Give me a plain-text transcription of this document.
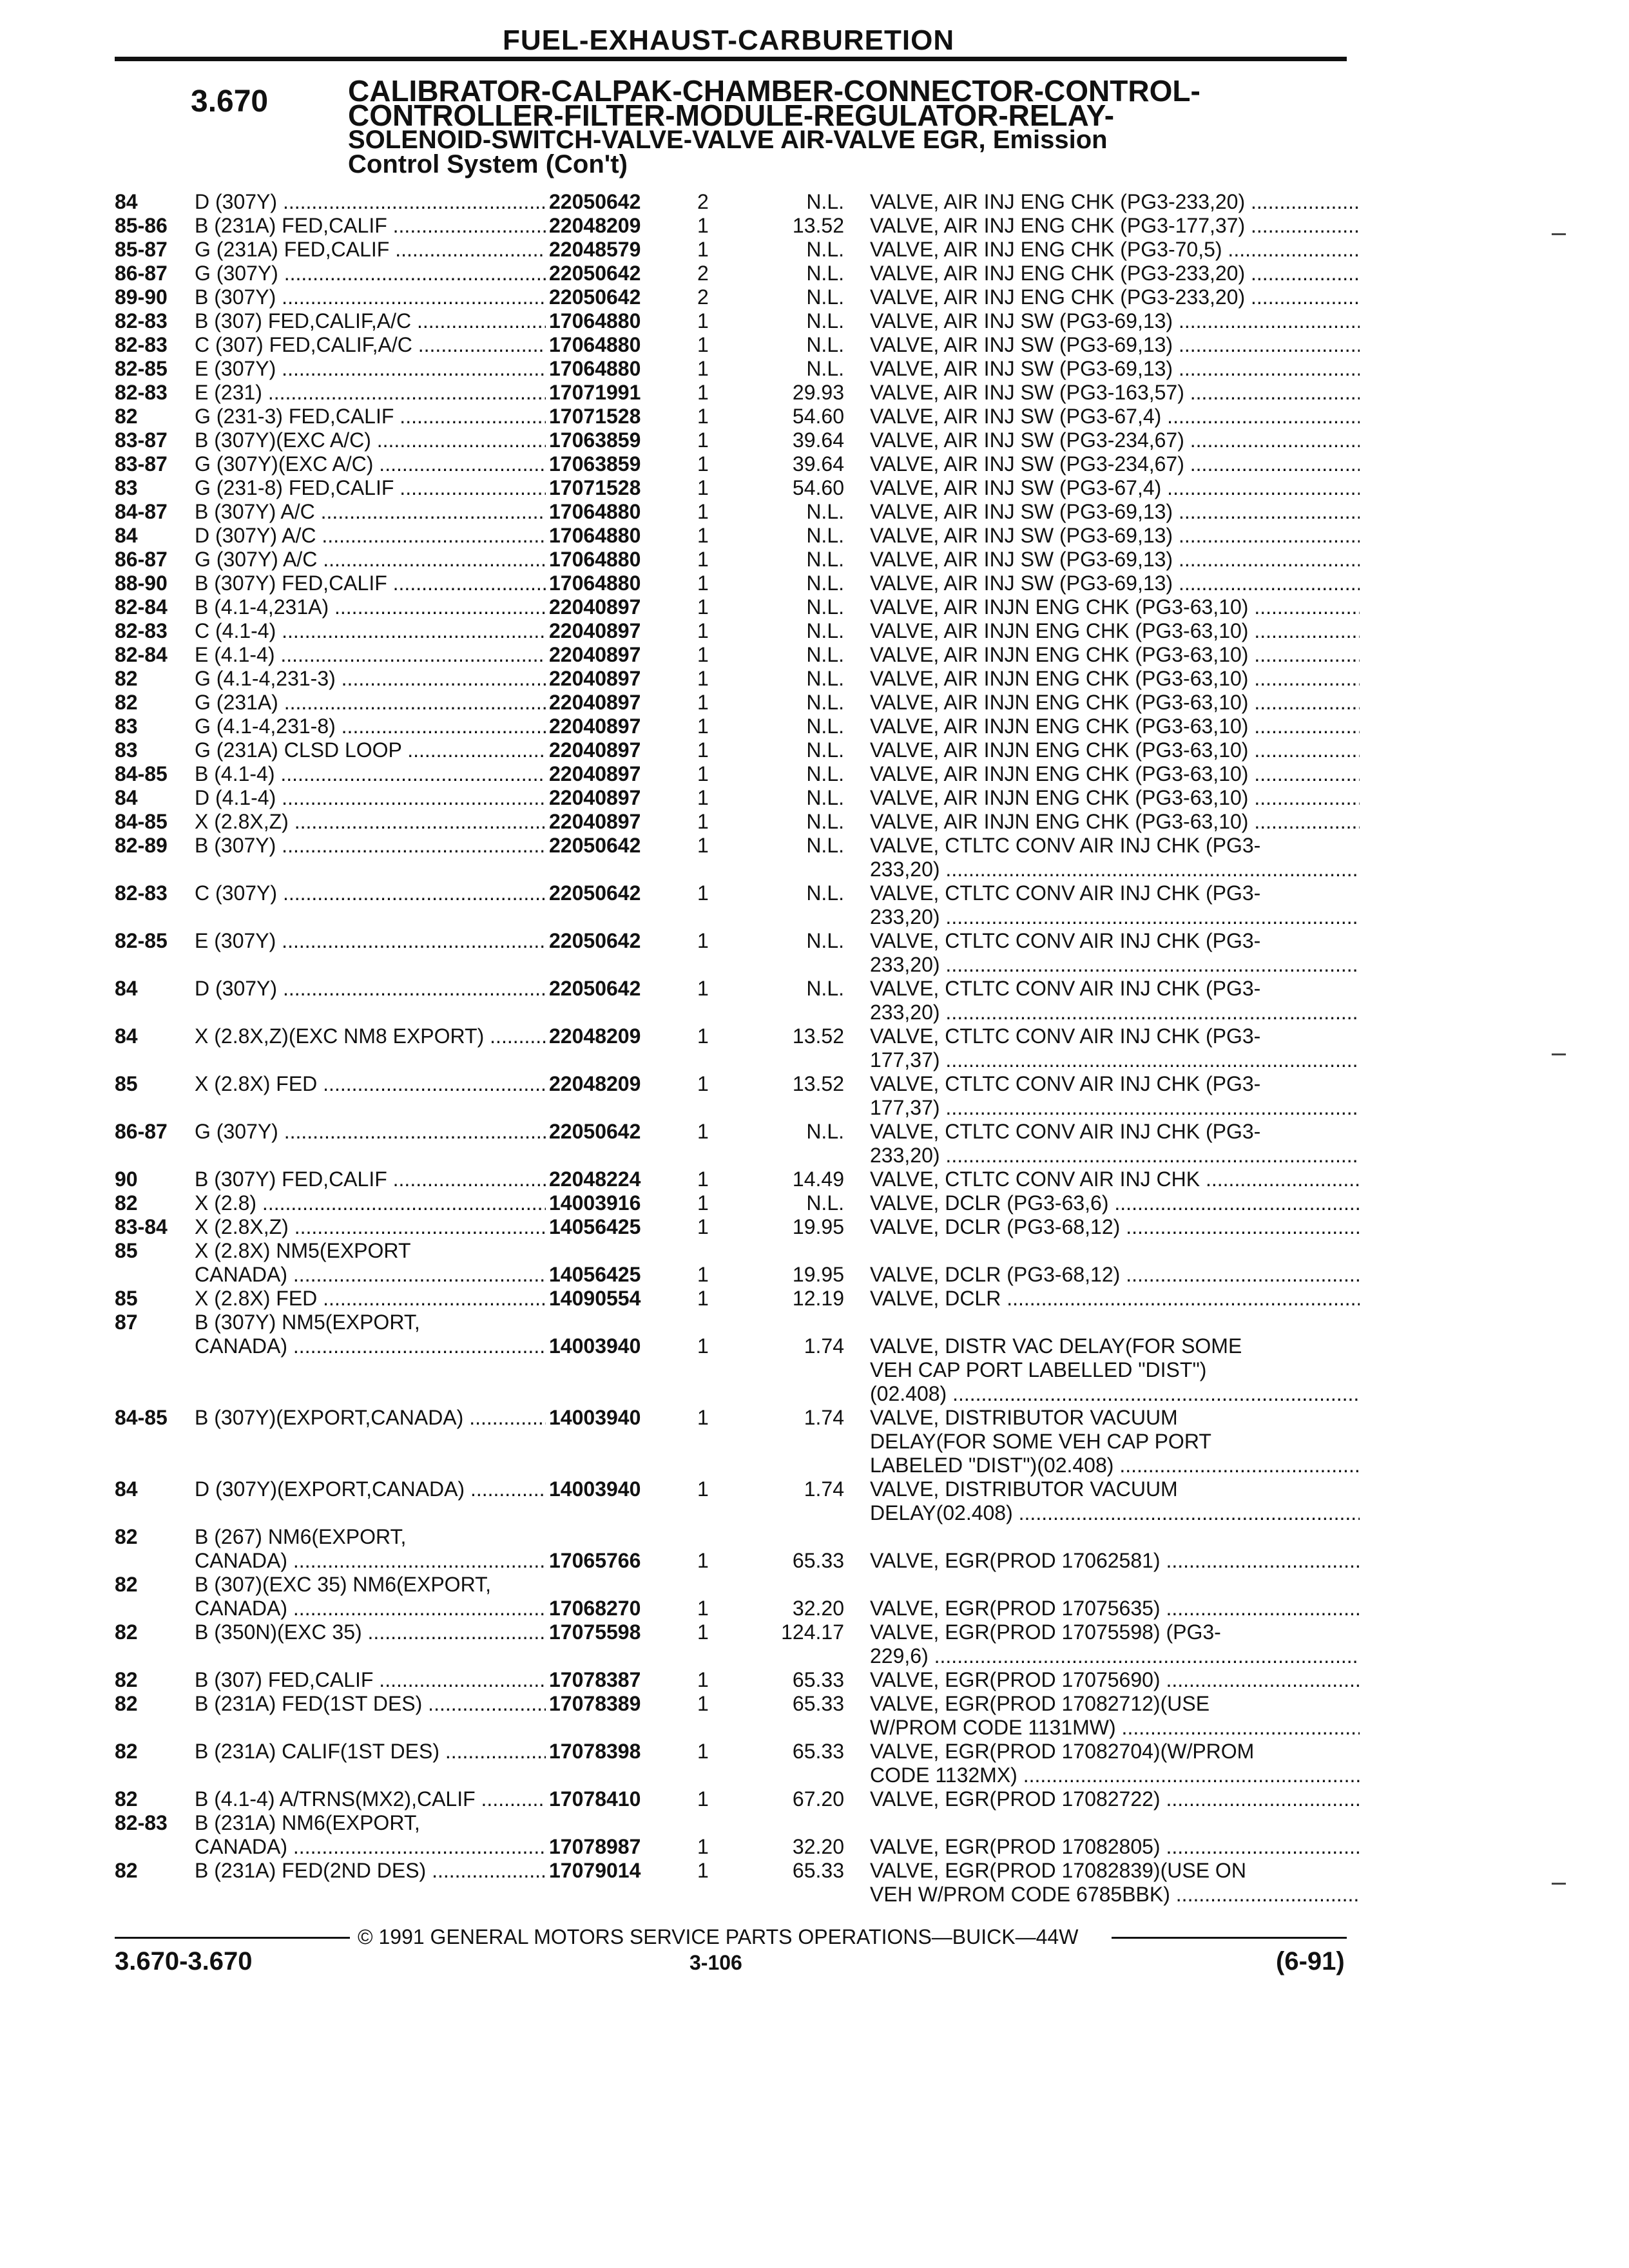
FUEL-EXHAUST-CARBURETION
3.670	CALIBRATOR-CALPAK-CHAMBER-CONNECTOR-CONTROL-
CONTROLLER-FILTER-MODULE-REGULATOR-RELAY-
SOLENOID-SWITCH-VALVE-VALVE AIR-VALVE EGR, Emission
Control System (Con't)
84	D (307Y) .....	22050642	2	N.L. VALVE, AIR INJ ENG CHK (PG3-233,20) .....
85-86 B (231A) FED,CALIF .....	22048209	1	13.52 VALVE, AIR INJ ENG CHK (PG3-177,37) .....
85-87 G (231A) FED,CALIF .....	22048579	1	N.L. VALVE, AIR INJ ENG CHK (PG3-70,5) .....
86-87 G (307Y) .....	22050642	2	N.L. VALVE, AIR INJ ENG CHK (PG3-233,20) .....
89-90 B (307Y) .....	22050642	2	N.L. VALVE, AIR INJ ENG CHK (PG3-233,20) .....
82-83 B (307) FED,CALIF,A/C .....	17064880	1	N.L. VALVE, AIR INJ SW (PG3-69,13) .....
82-83 C (307) FED,CALIF,A/C .....	17064880	1	N.L. VALVE, AIR INJ SW (PG3-69,13) .....
82-85 E (307Y) .....	17064880	1	N.L. VALVE, AIR INJ SW (PG3-69,13) .....
82-83 E (231) .....	17071991	1	29.93 VALVE, AIR INJ SW (PG3-163,57) .....
82	G (231-3) FED,CALIF .....	17071528	1	54.60 VALVE, AIR INJ SW (PG3-67,4) .....
83-87 B (307Y)(EXC A/C) .....	17063859	1	39.64 VALVE, AIR INJ SW (PG3-234,67) .....
83-87 G (307Y)(EXC A/C) .....	17063859	1	39.64 VALVE, AIR INJ SW (PG3-234,67) .....
83	G (231-8) FED,CALIF .....	17071528	1	54.60 VALVE, AIR INJ SW (PG3-67,4) .....
84-87 B (307Y) A/C .....	17064880	1	N.L. VALVE, AIR INJ SW (PG3-69,13) .....
84	D (307Y) A/C .....	17064880	1	N.L. VALVE, AIR INJ SW (PG3-69,13) .....
86-87 G (307Y) A/C .....	17064880	1	N.L. VALVE, AIR INJ SW (PG3-69,13) .....
88-90 B (307Y) FED,CALIF .....	17064880	1	N.L. VALVE, AIR INJ SW (PG3-69,13) .....
82-84 B (4.1-4,231A) .....	22040897	1	N.L. VALVE, AIR INJN ENG CHK (PG3-63,10) .....
82-83 C (4.1-4) .....	22040897	1	N.L. VALVE, AIR INJN ENG CHK (PG3-63,10) .....
82-84 E (4.1-4) .....	22040897	1	N.L. VALVE, AIR INJN ENG CHK (PG3-63,10) .....
82	G (4.1-4,231-3) .....	22040897	1	N.L. VALVE, AIR INJN ENG CHK (PG3-63,10) .....
82	G (231A) .....	22040897	1	N.L. VALVE, AIR INJN ENG CHK (PG3-63,10) .....
83	G (4.1-4,231-8) .....	22040897	1	N.L. VALVE, AIR INJN ENG CHK (PG3-63,10) .....
83	G (231A) CLSD LOOP .....	22040897	1	N.L. VALVE, AIR INJN ENG CHK (PG3-63,10) .....
84-85 B (4.1-4) .....	22040897	1	N.L. VALVE, AIR INJN ENG CHK (PG3-63,10) .....
84	D (4.1-4) .....	22040897	1	N.L. VALVE, AIR INJN ENG CHK (PG3-63,10) .....
84-85 X (2.8X,Z) .....	22040897	1	N.L. VALVE, AIR INJN ENG CHK (PG3-63,10) .....
82-89 B (307Y) .....	22050642	1	N.L. VALVE, CTLTC CONV AIR INJ CHK (PG3-
233,20) .....
82-83 C (307Y) .....	22050642	1	N.L. VALVE, CTLTC CONV AIR INJ CHK (PG3-
233,20) .....
82-85 E (307Y) .....	22050642	1	N.L. VALVE, CTLTC CONV AIR INJ CHK (PG3-
233,20) .....
84	D (307Y) .....	22050642	1	N.L. VALVE, CTLTC CONV AIR INJ CHK (PG3-
233,20) .....
84	X (2.8X,Z)(EXC NM8 EXPORT) .....	22048209	1	13.52 VALVE, CTLTC CONV AIR INJ CHK (PG3-
177,37) .....
85	X (2.8X) FED .....	22048209	1	13.52 VALVE, CTLTC CONV AIR INJ CHK (PG3-
177,37) .....
86-87 G (307Y) .....	22050642	1	N.L. VALVE, CTLTC CONV AIR INJ CHK (PG3-
233,20) .....
90	B (307Y) FED,CALIF .....	22048224	1	14.49 VALVE, CTLTC CONV AIR INJ CHK .....
82	X (2.8) .....	14003916	1	N.L. VALVE, DCLR (PG3-63,6) .....
83-84 X (2.8X,Z) .....	14056425	1	19.95 VALVE, DCLR (PG3-68,12) .....
85	X (2.8X) NM5(EXPORT
CANADA) .....	14056425	1	19.95 VALVE, DCLR (PG3-68,12) .....
85	X (2.8X) FED .....	14090554	1	12.19 VALVE, DCLR .....
87	B (307Y) NM5(EXPORT,
CANADA) .....	14003940	1	1.74 VALVE, DISTR VAC DELAY(FOR SOME
VEH CAP PORT LABELLED "DIST")
(02.408) .....
84-85 B (307Y)(EXPORT,CANADA) .....	14003940	1	1.74 VALVE, DISTRIBUTOR VACUUM
DELAY(FOR SOME VEH CAP PORT
LABELED "DIST")(02.408) .....
84	D (307Y)(EXPORT,CANADA) .....	14003940	1	1.74 VALVE, DISTRIBUTOR VACUUM
DELAY(02.408) .....
82	B (267) NM6(EXPORT,
CANADA) .....	17065766	1	65.33 VALVE, EGR(PROD 17062581) .....
82	B (307)(EXC 35) NM6(EXPORT,
CANADA) .....	17068270	1	32.20 VALVE, EGR(PROD 17075635) .....
82	B (350N)(EXC 35) .....	17075598	1	124.17 VALVE, EGR(PROD 17075598) (PG3-
229,6) .....
82	B (307) FED,CALIF .....	17078387	1	65.33 VALVE, EGR(PROD 17075690) .....
82	B (231A) FED(1ST DES) .....	17078389	1	65.33 VALVE, EGR(PROD 17082712)(USE
W/PROM CODE 1131MW) .....
82	B (231A) CALIF(1ST DES) .....	17078398	1	65.33 VALVE, EGR(PROD 17082704)(W/PROM
CODE 1132MX) .....
82	B (4.1-4) A/TRNS(MX2),CALIF .....	17078410	1	67.20 VALVE, EGR(PROD 17082722) .....
82-83 B (231A) NM6(EXPORT,
CANADA) .....	17078987	1	32.20 VALVE, EGR(PROD 17082805) .....
82	B (231A) FED(2ND DES) .....	17079014	1	65.33 VALVE, EGR(PROD 17082839)(USE ON
VEH W/PROM CODE 6785BBK) .....
© 1991 GENERAL MOTORS SERVICE PARTS OPERATIONS—BUICK—44W
3.670-3.670	3-106	(6-91)
